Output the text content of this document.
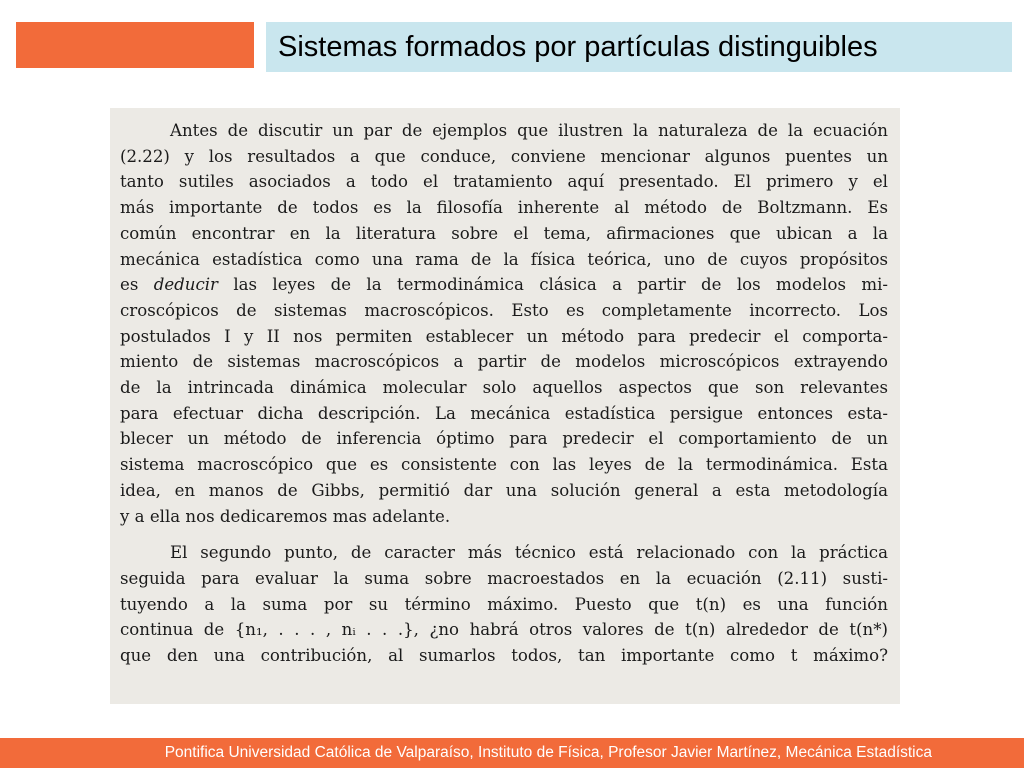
Sistemas formados por partículas distinguibles
Antes de discutir un par de ejemplos que ilustren la naturaleza de la ecuación
(2.22) y los resultados a que conduce, conviene mencionar algunos puentes un
tanto sutiles asociados a todo el tratamiento aquí presentado. El primero y el
más importante de todos es la filosofía inherente al método de Boltzmann. Es
común encontrar en la literatura sobre el tema, afirmaciones que ubican a la
mecánica estadística como una rama de la física teórica, uno de cuyos propósitos
es deducir las leyes de la termodinámica clásica a partir de los modelos mi-
croscópicos de sistemas macroscópicos. Esto es completamente incorrecto. Los
postulados I y II nos permiten establecer un método para predecir el comporta-
miento de sistemas macroscópicos a partir de modelos microscópicos extrayendo
de la intrincada dinámica molecular solo aquellos aspectos que son relevantes
para efectuar dicha descripción. La mecánica estadística persigue entonces esta-
blecer un método de inferencia óptimo para predecir el comportamiento de un
sistema macroscópico que es consistente con las leyes de la termodinámica. Esta
idea, en manos de Gibbs, permitió dar una solución general a esta metodología
y a ella nos dedicaremos mas adelante.
El segundo punto, de caracter más técnico está relacionado con la práctica
seguida para evaluar la suma sobre macroestados en la ecuación (2.11) susti-
tuyendo a la suma por su término máximo. Puesto que t(n) es una función
continua de {n₁, . . . , nᵢ . . .}, ¿no habrá otros valores de t(n) alrededor de t(n*)
que den una contribución, al sumarlos todos, tan importante como t máximo?
Pontifica Universidad Católica de Valparaíso, Instituto de Física, Profesor Javier Martínez, Mecánica Estadística
